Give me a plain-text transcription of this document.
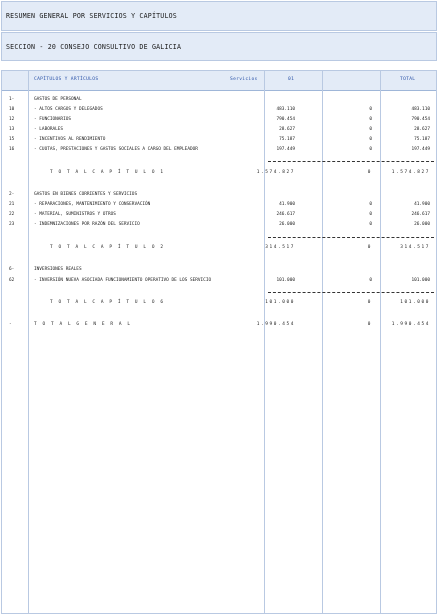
RESUMEN GENERAL POR SERVICIOS Y CAPÍTULOS
SECCION - 20 CONSEJO CONSULTIVO DE GALICIA
CAPÍTULOS Y ARTÍCULOS	Servicios	01	TOTAL
1-	GASTOS DE PERSONAL
10	- ALTOS CARGOS Y DELEGADOS	483.110	0	483.110
12	- FUNCIONARIOS	790.454	0	790.454
13	- LABORALES	28.627	0	28.627
15	- INCENTIVOS AL RENDIMIENTO	75.187	0	75.187
16	- CUOTAS, PRESTACIONES Y GASTOS SOCIALES A CARGO DEL EMPLEADOR	197.449	0	197.449
T O T A L C A P Í T U L O 1	1.574.827	0	1.574.827
2-	GASTOS EN BIENES CORRIENTES Y SERVICIOS
21	- REPARACIONES, MANTENIMIENTO Y CONSERVACIÓN	41.900	0	41.900
22	- MATERIAL, SUMINISTROS Y OTROS	246.617	0	246.617
23	- INDEMNIZACIONES POR RAZÓN DEL SERVICIO	26.000	0	26.000
T O T A L C A P Í T U L O 2	314.517	0	314.517
6-	INVERSIONES REALES
62	- INVERSIÓN NUEVA ASOCIADA FUNCIONAMIENTO OPERATIVO DE LOS SERVICIO	101.000	0	101.000
T O T A L C A P Í T U L O 6	101.000	0	101.000
-	T O T A L G E N E R A L	1.990.454	0	1.990.454
